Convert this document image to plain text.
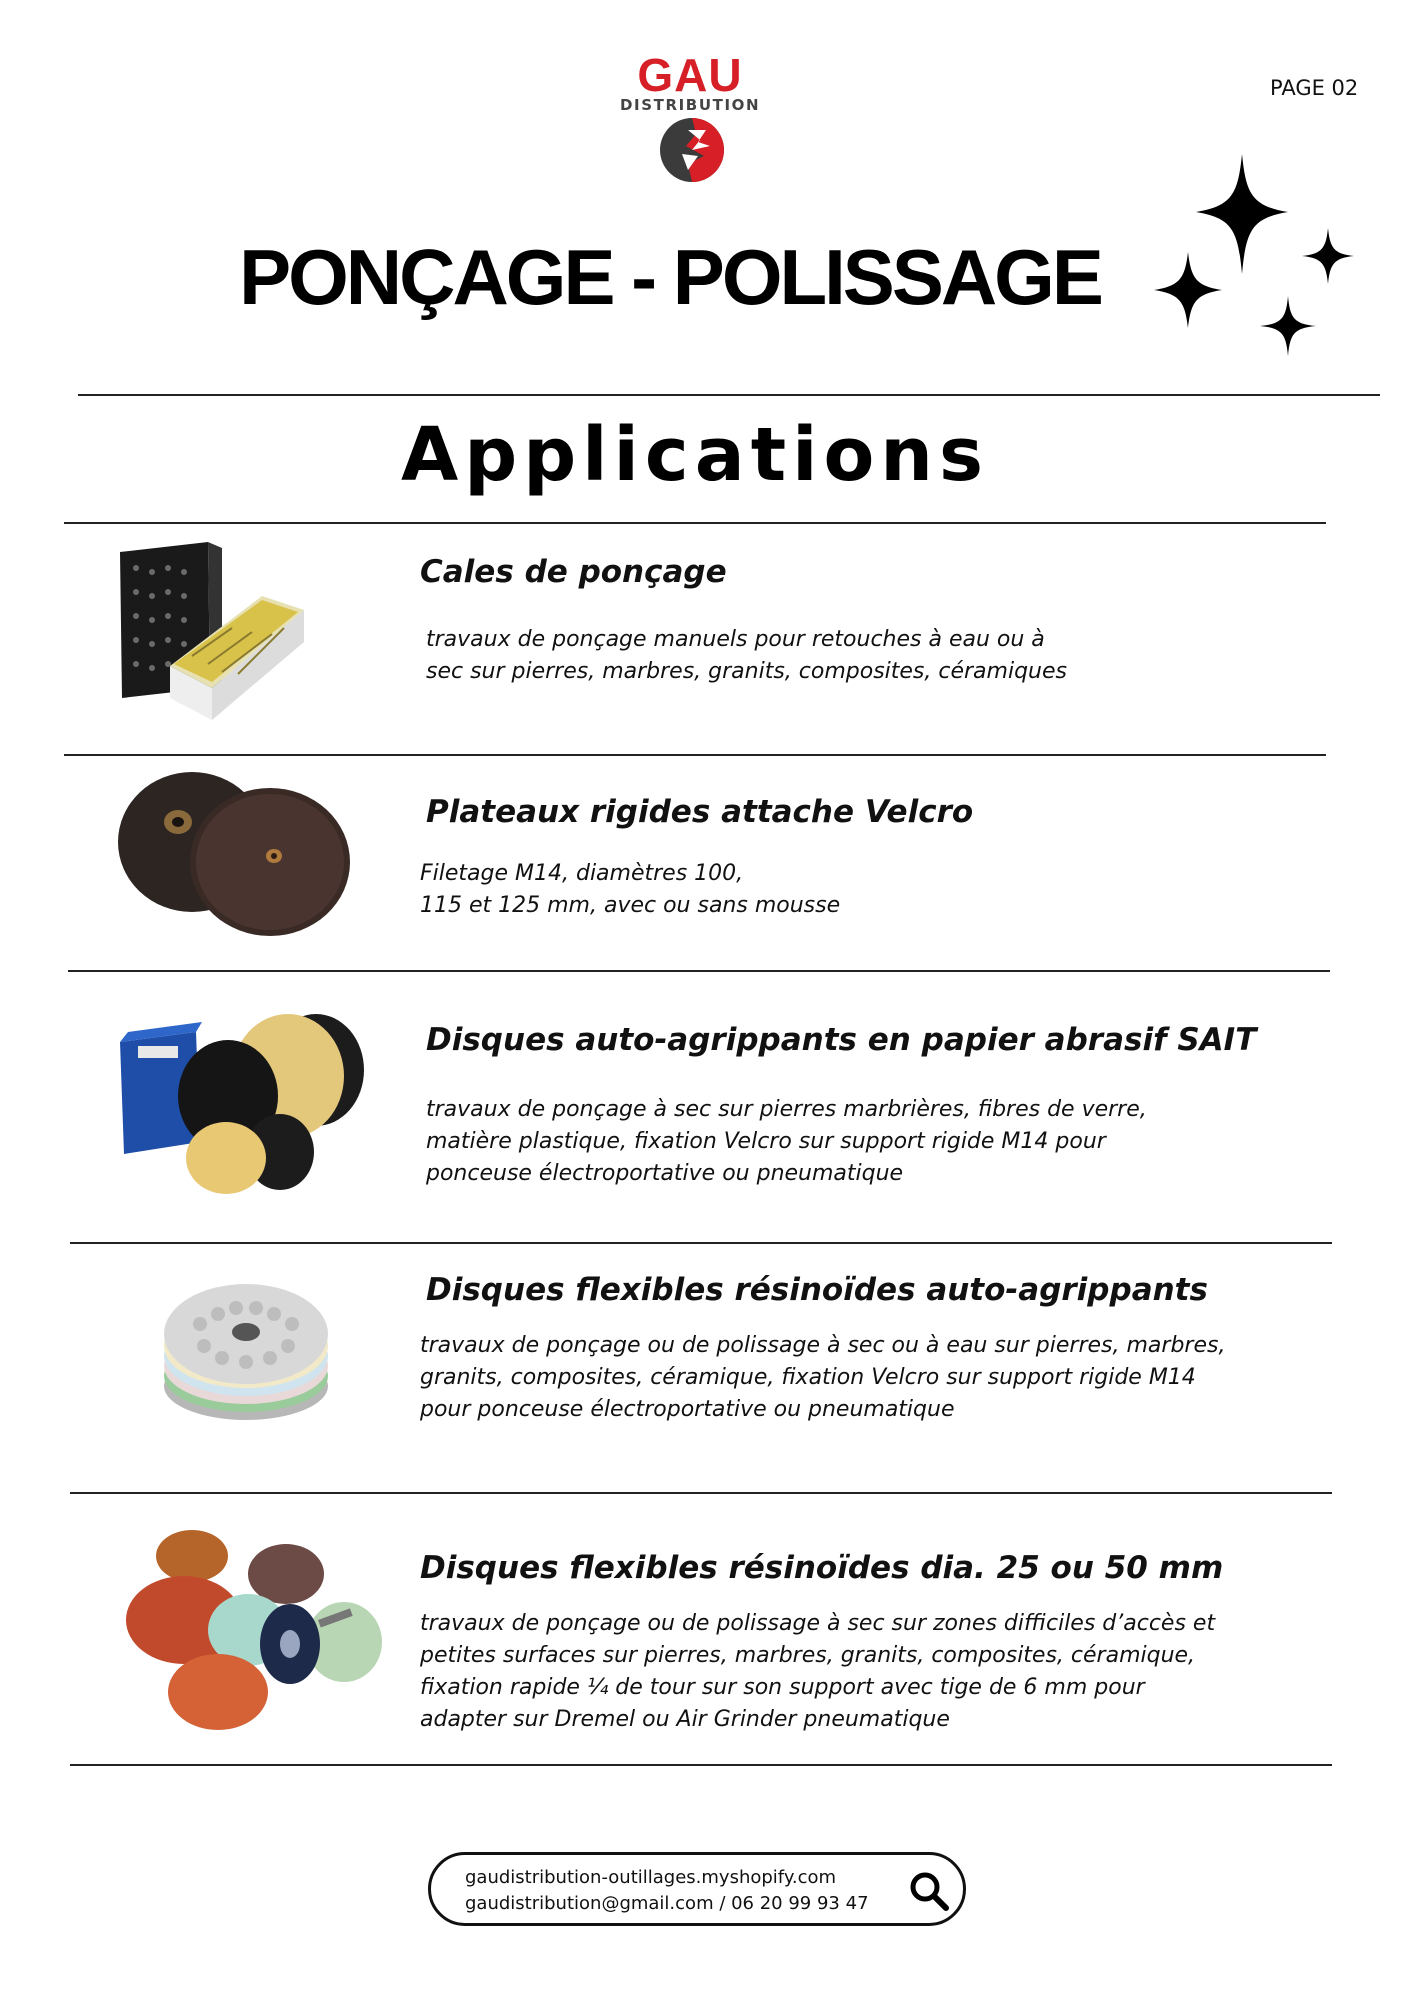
GAU
DISTRIBUTION
PAGE 02
PONÇAGE - POLISSAGE
Applications
Cales de ponçage
travaux de ponçage manuels pour retouches à eau ou à
sec sur pierres, marbres, granits, composites, céramiques
Plateaux rigides attache Velcro
Filetage M14, diamètres 100,
115 et 125 mm, avec ou sans mousse
Disques auto-agrippants en papier abrasif SAIT
travaux de ponçage à sec sur pierres marbrières, fibres de verre,
matière plastique, fixation Velcro sur support rigide M14 pour
ponceuse électroportative ou pneumatique
Disques flexibles résinoïdes auto-agrippants
travaux de ponçage ou de polissage à sec ou à eau sur pierres, marbres,
granits, composites, céramique, fixation Velcro sur support rigide M14
pour ponceuse électroportative ou pneumatique
Disques flexibles résinoïdes dia. 25 ou 50 mm
travaux de ponçage ou de polissage à sec sur zones difficiles d’accès et
petites surfaces sur pierres, marbres, granits, composites, céramique,
fixation rapide ¼ de tour sur son support avec tige de 6 mm pour
adapter sur Dremel ou Air Grinder pneumatique
gaudistribution-outillages.myshopify.com
gaudistribution@gmail.com / 06 20 99 93 47
